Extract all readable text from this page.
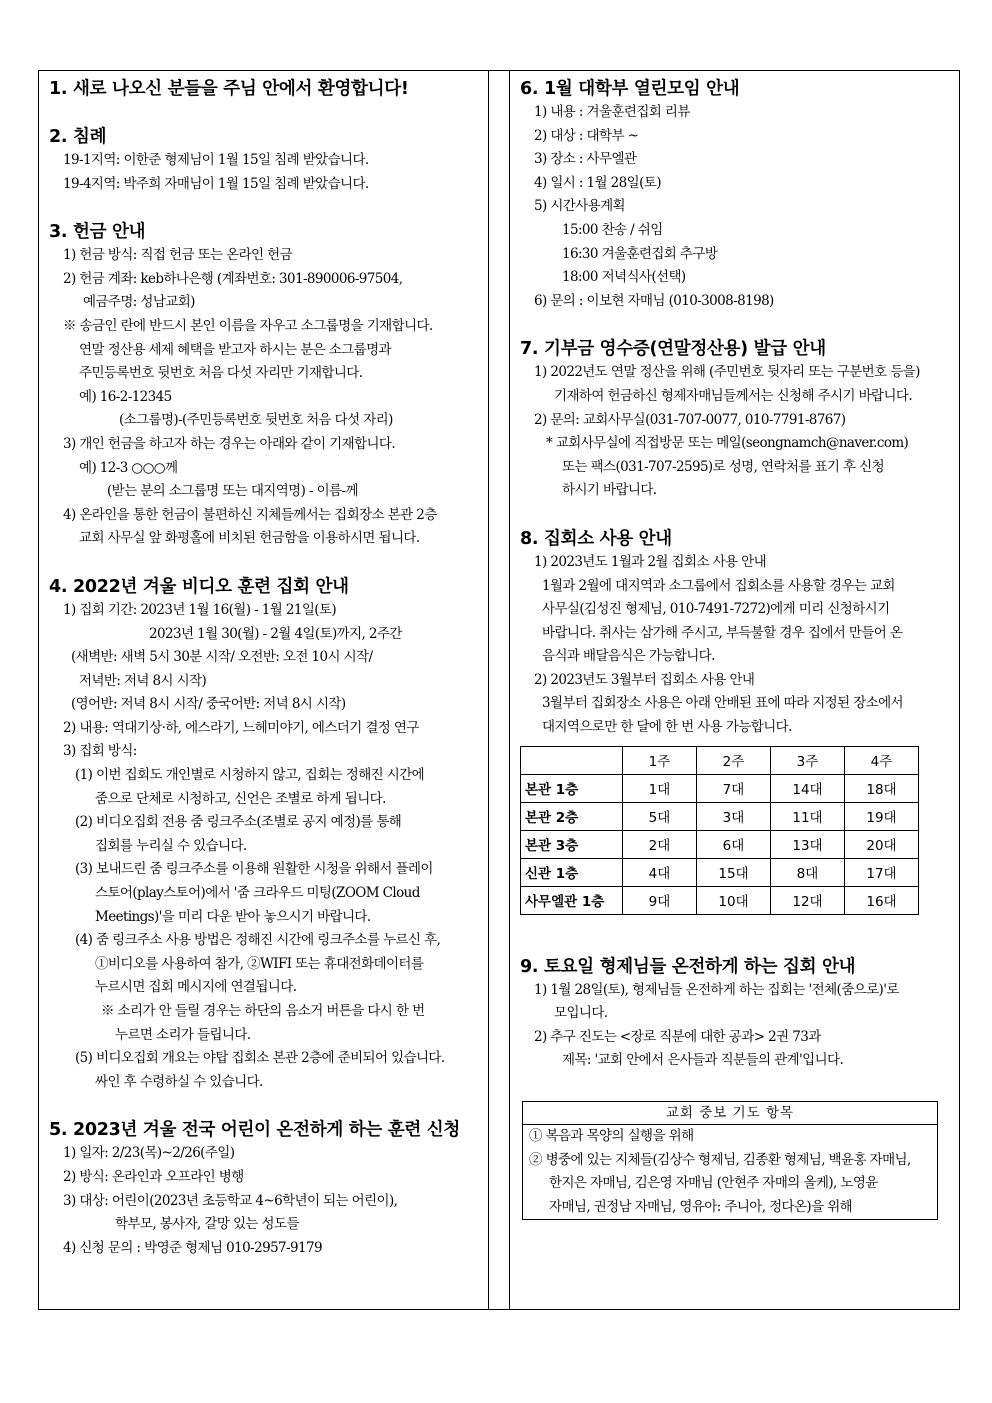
1. 새로 나오신 분들을 주님 안에서 환영합니다!
2. 침례
19-1지역: 이한준 형제님이 1월 15일 침례 받았습니다.
19-4지역: 박주희 자매님이 1월 15일 침례 받았습니다.
3. 헌금 안내
1) 헌금 방식: 직접 헌금 또는 온라인 헌금
2) 헌금 계좌: keb하나은행 (계좌번호: 301-890006-97504,
예금주명: 성남교회)
※ 송금인 란에 반드시 본인 이름을 자우고 소그룹명을 기재합니다.
연말 정산용 세제 혜택을 받고자 하시는 분은 소그룹명과
주민등록번호 뒷번호 처음 다섯 자리만 기재합니다.
예) 16-2-12345
(소그룹명)-(주민등록번호 뒷번호 처음 다섯 자리)
3) 개인 헌금을 하고자 하는 경우는 아래와 같이 기재합니다.
예) 12-3 ○○○께
(받는 분의 소그룹명 또는 대지역명) - 이름-께
4) 온라인을 통한 헌금이 불편하신 지체들께서는 집회장소 본관 2층
교회 사무실 앞 화평홀에 비치된 헌금함을 이용하시면 됩니다.
4. 2022년 겨울 비디오 훈련 집회 안내
1) 집회 기간: 2023년 1월 16(월) - 1월 21일(토)
2023년 1월 30(월) - 2월 4일(토)까지, 2주간
(새벽반: 새벽 5시 30분 시작/ 오전반: 오전 10시 시작/
저녁반: 저녁 8시 시작)
(영어반: 저녁 8시 시작/ 중국어반: 저녁 8시 시작)
2) 내용: 역대기상·하, 에스라기, 느헤미야기, 에스더기 결정 연구
3) 집회 방식:
(1) 이번 집회도 개인별로 시청하지 않고, 집회는 정해진 시간에
줌으로 단체로 시청하고, 신언은 조별로 하게 됩니다.
(2) 비디오집회 전용 줌 링크주소(조별로 공지 예정)를 통해
집회를 누리실 수 있습니다.
(3) 보내드린 줌 링크주소를 이용해 원활한 시청을 위해서 플레이
스토어(play스토어)에서 '줌 크라우드 미팅(ZOOM Cloud
Meetings)'을 미리 다운 받아 놓으시기 바랍니다.
(4) 줌 링크주소 사용 방법은 정해진 시간에 링크주소를 누르신 후,
①비디오를 사용하여 참가, ②WIFI 또는 휴대전화데이터를
누르시면 집회 메시지에 연결됩니다.
※ 소리가 안 들릴 경우는 하단의 음소거 버튼을 다시 한 번
누르면 소리가 들립니다.
(5) 비디오집회 개요는 야탑 집회소 본관 2층에 준비되어 있습니다.
싸인 후 수령하실 수 있습니다.
5. 2023년 겨울 전국 어린이 온전하게 하는 훈련 신청
1) 일자: 2/23(목)~2/26(주일)
2) 방식: 온라인과 오프라인 병행
3) 대상: 어린이(2023년 초등학교 4~6학년이 되는 어린이),
학부모, 봉사자, 갈망 있는 성도들
4) 신청 문의 : 박영준 형제님 010-2957-9179
6. 1월 대학부 열린모임 안내
1) 내용 : 겨울훈련집회 리뷰
2) 대상 : 대학부 ~
3) 장소 : 사무엘관
4) 일시 : 1월 28일(토)
5) 시간사용계획
15:00 찬송 / 쉬임
16:30 겨울훈련집회 추구방
18:00 저녁식사(선택)
6) 문의 : 이보현 자매님 (010-3008-8198)
7. 기부금 영수증(연말정산용) 발급 안내
1) 2022년도 연말 정산을 위해 (주민번호 뒷자리 또는 구분번호 등을)
기재하여 헌금하신 형제자매님들께서는 신청해 주시기 바랍니다.
2) 문의: 교회사무실(031-707-0077, 010-7791-8767)
* 교회사무실에 직접방문 또는 메일(seongnamch@naver.com)
또는 팩스(031-707-2595)로 성명, 연락처를 표기 후 신청
하시기 바랍니다.
8. 집회소 사용 안내
1) 2023년도 1월과 2월 집회소 사용 안내
1월과 2월에 대지역과 소그룹에서 집회소를 사용할 경우는 교회
사무실(김성진 형제님, 010-7491-7272)에게 미리 신청하시기
바랍니다. 취사는 삼가해 주시고, 부득불할 경우 집에서 만들어 온
음식과 배달음식은 가능합니다.
2) 2023년도 3월부터 집회소 사용 안내
3월부터 집회장소 사용은 아래 안배된 표에 따라 지정된 장소에서
대지역으로만 한 달에 한 번 사용 가능합니다.
	1주	2주	3주	4주
본관 1층	1대	7대	14대	18대
본관 2층	5대	3대	11대	19대
본관 3층	2대	6대	13대	20대
신관 1층	4대	15대	8대	17대
사무엘관 1층	9대	10대	12대	16대
9. 토요일 형제님들 온전하게 하는 집회 안내
1) 1월 28일(토), 형제님들 온전하게 하는 집회는 '전체(줌으로)'로
모입니다.
2) 추구 진도는 <장로 직분에 대한 공과> 2권 73과
제목: '교회 안에서 은사들과 직분들의 관계'입니다.
교회 중보 기도 항목
① 복음과 목양의 실행을 위해
② 병중에 있는 지체들(김상수 형제님, 김종환 형제님, 백윤홍 자매님,
한지은 자매님, 김은영 자매님 (안현주 자매의 올케), 노영윤
자매님, 권정남 자매님, 영유아: 주니아, 정다온)을 위해
